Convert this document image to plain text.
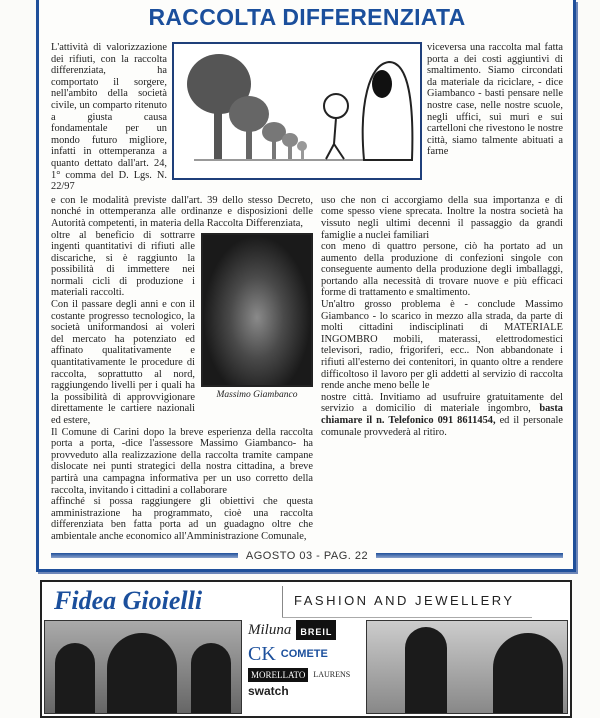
RACCOLTA DIFFERENZIATA
L'attività di valorizzazione dei rifiuti, con la raccolta differenziata, ha comportato il sorgere, nell'ambito della società civile, un comparto ritenuto a giusta causa fondamentale per un mondo futuro migliore, infatti in ottemperanza a quanto dettato dall'art. 24, 1° comma del D. Lgs. N. 22/97
viceversa una raccolta mal fatta porta a dei costi aggiuntivi di smaltimento. Siamo circondati da materiale da riciclare, - dice Giambanco - basti pensare nelle nostre case, nelle nostre scuole, negli uffici, sui muri e sui cartelloni che rivestono le nostre città, siamo talmente abituati a farne
e con le modalità previste dall'art. 39 dello stesso Decreto, nonché in ottemperanza alle ordinanze e disposizioni delle Autorità competenti, in materia della Raccolta Differenziata,
Massimo Giambanco

oltre al beneficio di sottrarre ingenti quantitativi di rifiuti alle discariche, si è raggiunto la possibilità di immettere nei normali cicli di produzione i materiali raccolti.

Con il passare degli anni e con il costante progresso tecnologico, la società uniformandosi ai voleri del mercato ha potenziato ed affinato qualitativamente e quantitativamente le procedure di raccolta, soprattutto al nord, raggiungendo livelli per i quali ha la possibilità di approvvigionare direttamente le cartiere nazionali ed estere,

Il Comune di Carini dopo la breve esperienza della raccolta porta a porta, -dice l'assessore Massimo Giambanco- ha provveduto alla realizzazione della raccolta tramite campane dislocate nei punti strategici della nostra cittadina, a breve partirà una campagna informativa per un uso corretto della raccolta, invitando i cittadini a collaborare

affinché si possa raggiungere gli obiettivi che questa amministrazione ha programmato, cioè una raccolta differenziata ben fatta porta ad un guadagno oltre che ambientale anche economico all'Amministrazione Comunale,
uso che non ci accorgiamo della sua importanza e di come spesso viene sprecata. Inoltre la nostra società ha vissuto negli ultimi decenni il passaggio da grandi famiglie a nuclei familiari

con meno di quattro persone, ciò ha portato ad un aumento della produzione di confezioni singole con conseguente aumento della produzione degli imballaggi, portando alla necessità di trovare nuove e più efficaci forme di trattamento e smaltimento.

Un'altro grosso problema è - conclude Massimo Giambanco - lo scarico in mezzo alla strada, da parte di molti cittadini indisciplinati di MATERIALE INGOMBRO mobili, materassi, elettrodomestici televisori, radio, frigoriferi, ecc.. Non abbandonate i rifiuti all'esterno dei contenitori, in quanto oltre a rendere difficoltoso il lavoro per gli addetti al servizio di raccolta rende anche meno belle le

nostre città. Invitiamo ad usufruire gratuitamente del servizio a domicilio di materiale ingombro, basta chiamare il n. Telefonico 091 8611454, ed il personale comunale provvederà al ritiro.
AGOSTO 03 - PAG. 22
Fidea Gioielli	FASHION AND JEWELLERY
Miluna	BREIL
CK COMETE
MORELLATO	LAURENS
swatch
